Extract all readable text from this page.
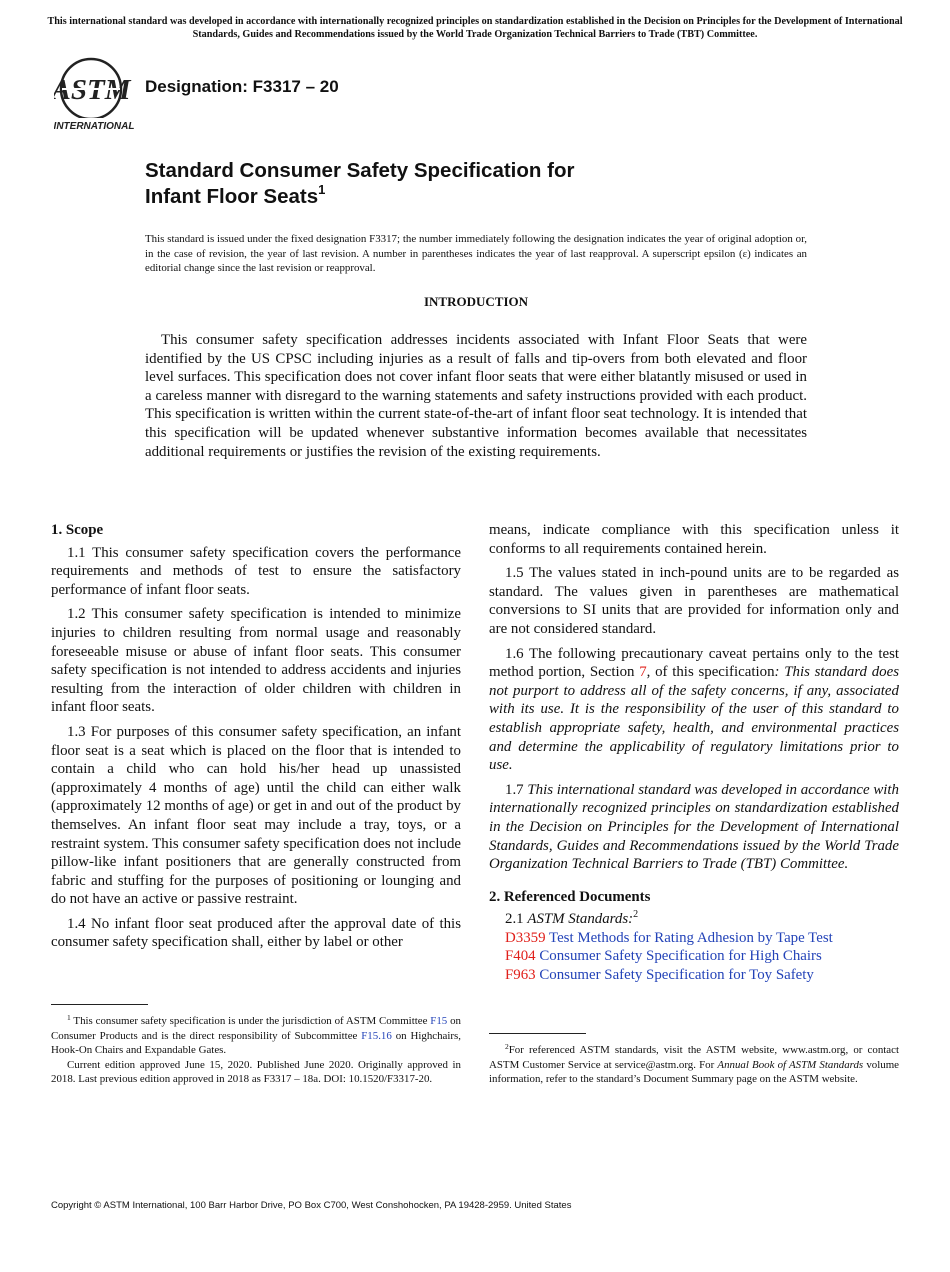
This international standard was developed in accordance with internationally recognized principles on standardization established in the Decision on Principles for the Development of International Standards, Guides and Recommendations issued by the World Trade Organization Technical Barriers to Trade (TBT) Committee.
ASTM
INTERNATIONAL
Designation: F3317 – 20
Standard Consumer Safety Specification for
Infant Floor Seats$^1$
This standard is issued under the fixed designation F3317; the number immediately following the designation indicates the year of original adoption or, in the case of revision, the year of last revision. A number in parentheses indicates the year of last reapproval. A superscript epsilon (ε) indicates an editorial change since the last revision or reapproval.
INTRODUCTION
This consumer safety specification addresses incidents associated with Infant Floor Seats that were identified by the US CPSC including injuries as a result of falls and tip-overs from both elevated and floor level surfaces. This specification does not cover infant floor seats that were either blatantly misused or used in a careless manner with disregard to the warning statements and safety instructions provided with each product. This specification is written within the current state-of-the-art of infant floor seat technology. It is intended that this specification will be updated whenever substantive information becomes available that necessitates additional requirements or justifies the revision of the existing requirements.
1. Scope

1.1 This consumer safety specification covers the performance requirements and methods of test to ensure the satisfactory performance of infant floor seats.

1.2 This consumer safety specification is intended to minimize injuries to children resulting from normal usage and reasonably foreseeable misuse or abuse of infant floor seats. This consumer safety specification is not intended to address accidents and injuries resulting from the interaction of older children with children in infant floor seats.

1.3 For purposes of this consumer safety specification, an infant floor seat is a seat which is placed on the floor that is intended to contain a child who can hold his/her head up unassisted (approximately 4 months of age) until the child can either walk (approximately 12 months of age) or get in and out of the product by themselves. An infant floor seat may include a tray, toys, or a restraint system. This consumer safety specification does not include pillow-like infant positioners that are generally constructed from fabric and stuffing for the purposes of positioning or lounging and do not have an active or passive restraint.

1.4 No infant floor seat produced after the approval date of this consumer safety specification shall, either by label or other

means, indicate compliance with this specification unless it conforms to all requirements contained herein.

1.5 The values stated in inch-pound units are to be regarded as standard. The values given in parentheses are mathematical conversions to SI units that are provided for information only and are not considered standard.

1.6 The following precautionary caveat pertains only to the test method portion, Section 7, of this specification: This standard does not purport to address all of the safety concerns, if any, associated with its use. It is the responsibility of the user of this standard to establish appropriate safety, health, and environmental practices and determine the applicability of regulatory limitations prior to use.

1.7 This international standard was developed in accordance with internationally recognized principles on standardization established in the Decision on Principles for the Development of International Standards, Guides and Recommendations issued by the World Trade Organization Technical Barriers to Trade (TBT) Committee.

2. Referenced Documents
2.1 ASTM Standards:$^2$
D3359 Test Methods for Rating Adhesion by Tape Test
F404 Consumer Safety Specification for High Chairs
F963 Consumer Safety Specification for Toy Safety

$^1$ This consumer safety specification is under the jurisdiction of ASTM Committee F15 on Consumer Products and is the direct responsibility of Subcommittee F15.16 on Highchairs, Hook-On Chairs and Expandable Gates.

Current edition approved June 15, 2020. Published June 2020. Originally approved in 2018. Last previous edition approved in 2018 as F3317 – 18a. DOI: 10.1520/F3317-20.

$^2$For referenced ASTM standards, visit the ASTM website, www.astm.org, or contact ASTM Customer Service at service@astm.org. For Annual Book of ASTM Standards volume information, refer to the standard’s Document Summary page on the ASTM website.

Copyright © ASTM International, 100 Barr Harbor Drive, PO Box C700, West Conshohocken, PA 19428-2959. United States
